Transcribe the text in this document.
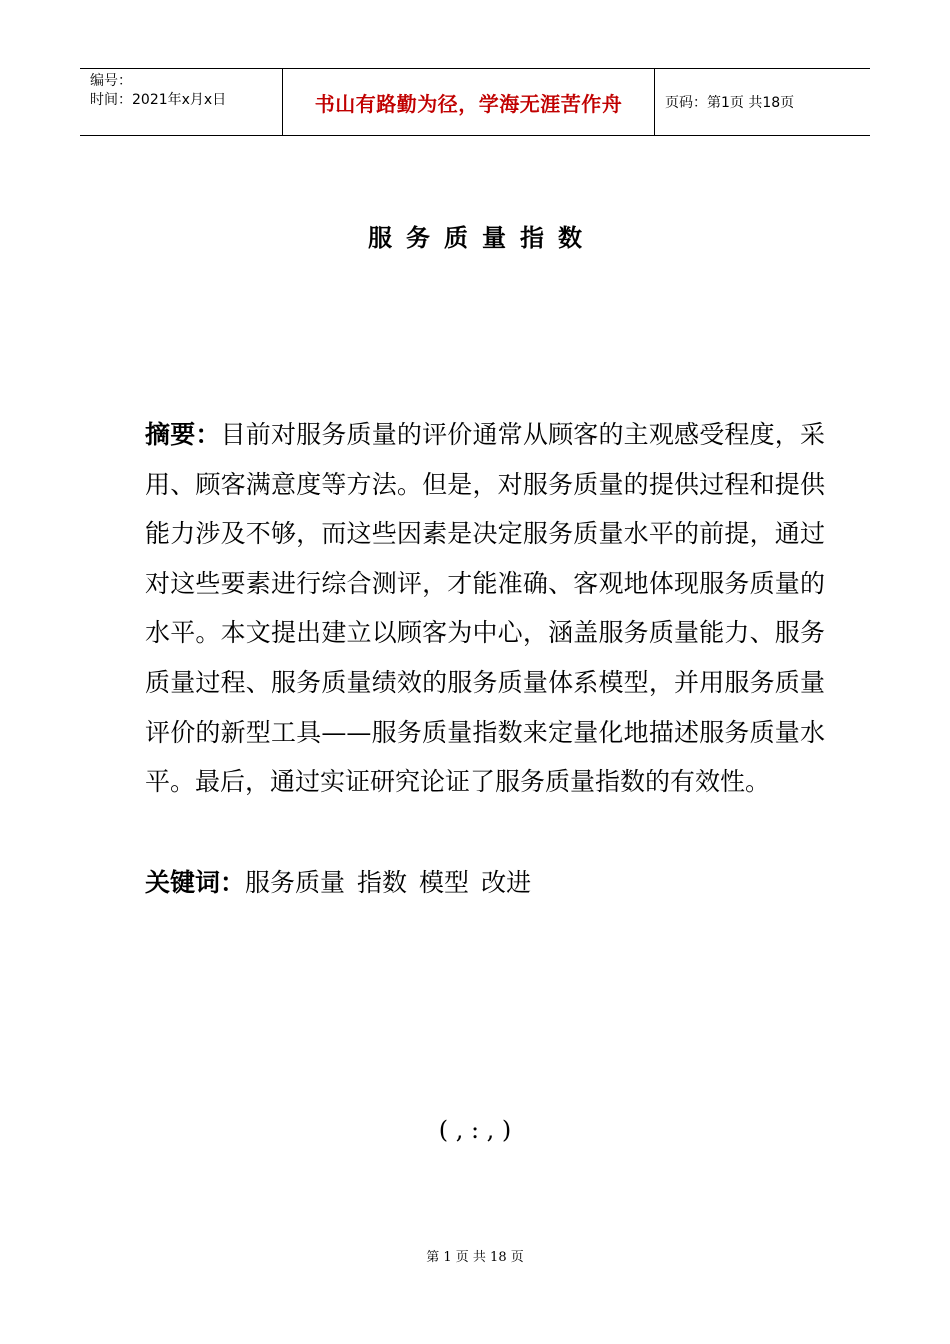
编号：
时间：2021年x月x日	书山有路勤为径，学海无涯苦作舟	页码：第1页 共18页
服务质量指数
摘要：目前对服务质量的评价通常从顾客的主观感受程度，采用、顾客满意度等方法。但是，对服务质量的提供过程和提供能力涉及不够，而这些因素是决定服务质量水平的前提，通过对这些要素进行综合测评，才能准确、客观地体现服务质量的水平。本文提出建立以顾客为中心，涵盖服务质量能力、服务质量过程、服务质量绩效的服务质量体系模型，并用服务质量评价的新型工具——服务质量指数来定量化地描述服务质量水平。最后，通过实证研究论证了服务质量指数的有效性。
关键词：服务质量 指数 模型 改进
( , : , )
第 1 页 共 18 页
